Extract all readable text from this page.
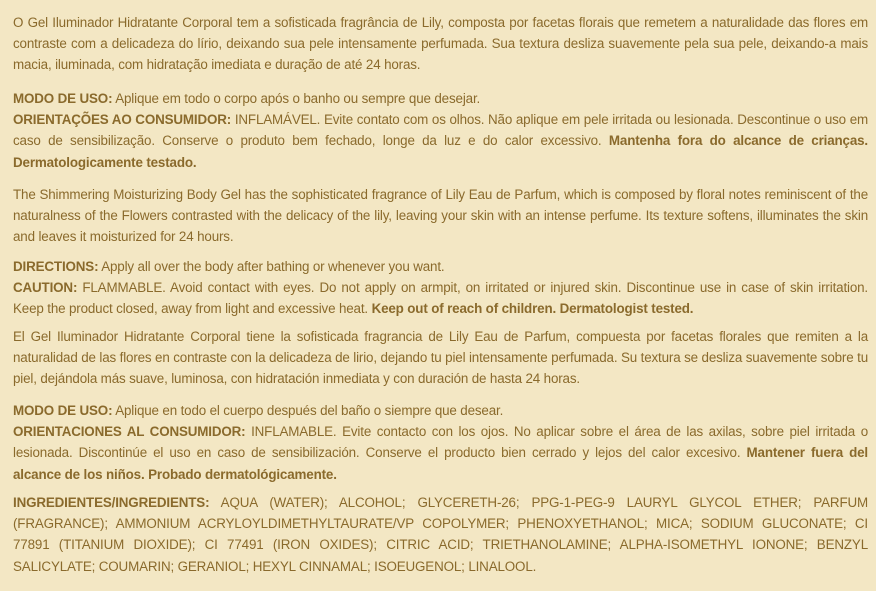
O Gel Iluminador Hidratante Corporal tem a sofisticada fragrância de Lily, composta por facetas florais que remetem a naturalidade das flores em contraste com a delicadeza do lírio, deixando sua pele intensamente perfumada. Sua textura desliza suavemente pela sua pele, deixando-a mais macia, iluminada, com hidratação imediata e duração de até 24 horas.
MODO DE USO: Aplique em todo o corpo após o banho ou sempre que desejar.
ORIENTAÇÕES AO CONSUMIDOR: INFLAMÁVEL. Evite contato com os olhos. Não aplique em pele irritada ou lesionada. Descontinue o uso em caso de sensibilização. Conserve o produto bem fechado, longe da luz e do calor excessivo. Mantenha fora do alcance de crianças. Dermatologicamente testado.
The Shimmering Moisturizing Body Gel has the sophisticated fragrance of Lily Eau de Parfum, which is composed by floral notes reminiscent of the naturalness of the Flowers contrasted with the delicacy of the lily, leaving your skin with an intense perfume. Its texture softens, illuminates the skin and leaves it moisturized for 24 hours.
DIRECTIONS: Apply all over the body after bathing or whenever you want.
CAUTION: FLAMMABLE. Avoid contact with eyes. Do not apply on armpit, on irritated or injured skin. Discontinue use in case of skin irritation. Keep the product closed, away from light and excessive heat. Keep out of reach of children. Dermatologist tested.
El Gel Iluminador Hidratante Corporal tiene la sofisticada fragrancia de Lily Eau de Parfum, compuesta por facetas florales que remiten a la naturalidad de las flores en contraste con la delicadeza de lirio, dejando tu piel intensamente perfumada. Su textura se desliza suavemente sobre tu piel, dejándola más suave, luminosa, con hidratación inmediata y con duración de hasta 24 horas.
MODO DE USO: Aplique en todo el cuerpo después del baño o siempre que desear.
ORIENTACIONES AL CONSUMIDOR: INFLAMABLE. Evite contacto con los ojos. No aplicar sobre el área de las axilas, sobre piel irritada o lesionada. Discontinúe el uso en caso de sensibilización. Conserve el producto bien cerrado y lejos del calor excesivo. Mantener fuera del alcance de los niños. Probado dermatológicamente.
INGREDIENTES/INGREDIENTS: AQUA (WATER); ALCOHOL; GLYCERETH-26; PPG-1-PEG-9 LAURYL GLYCOL ETHER; PARFUM (FRAGRANCE); AMMONIUM ACRYLOYLDIMETHYLTAURATE/VP COPOLYMER; PHENOXYETHANOL; MICA; SODIUM GLUCONATE; CI 77891 (TITANIUM DIOXIDE); CI 77491 (IRON OXIDES); CITRIC ACID; TRIETHANOLAMINE; ALPHA-ISOMETHYL IONONE; BENZYL SALICYLATE; COUMARIN; GERANIOL; HEXYL CINNAMAL; ISOEUGENOL; LINALOOL.
